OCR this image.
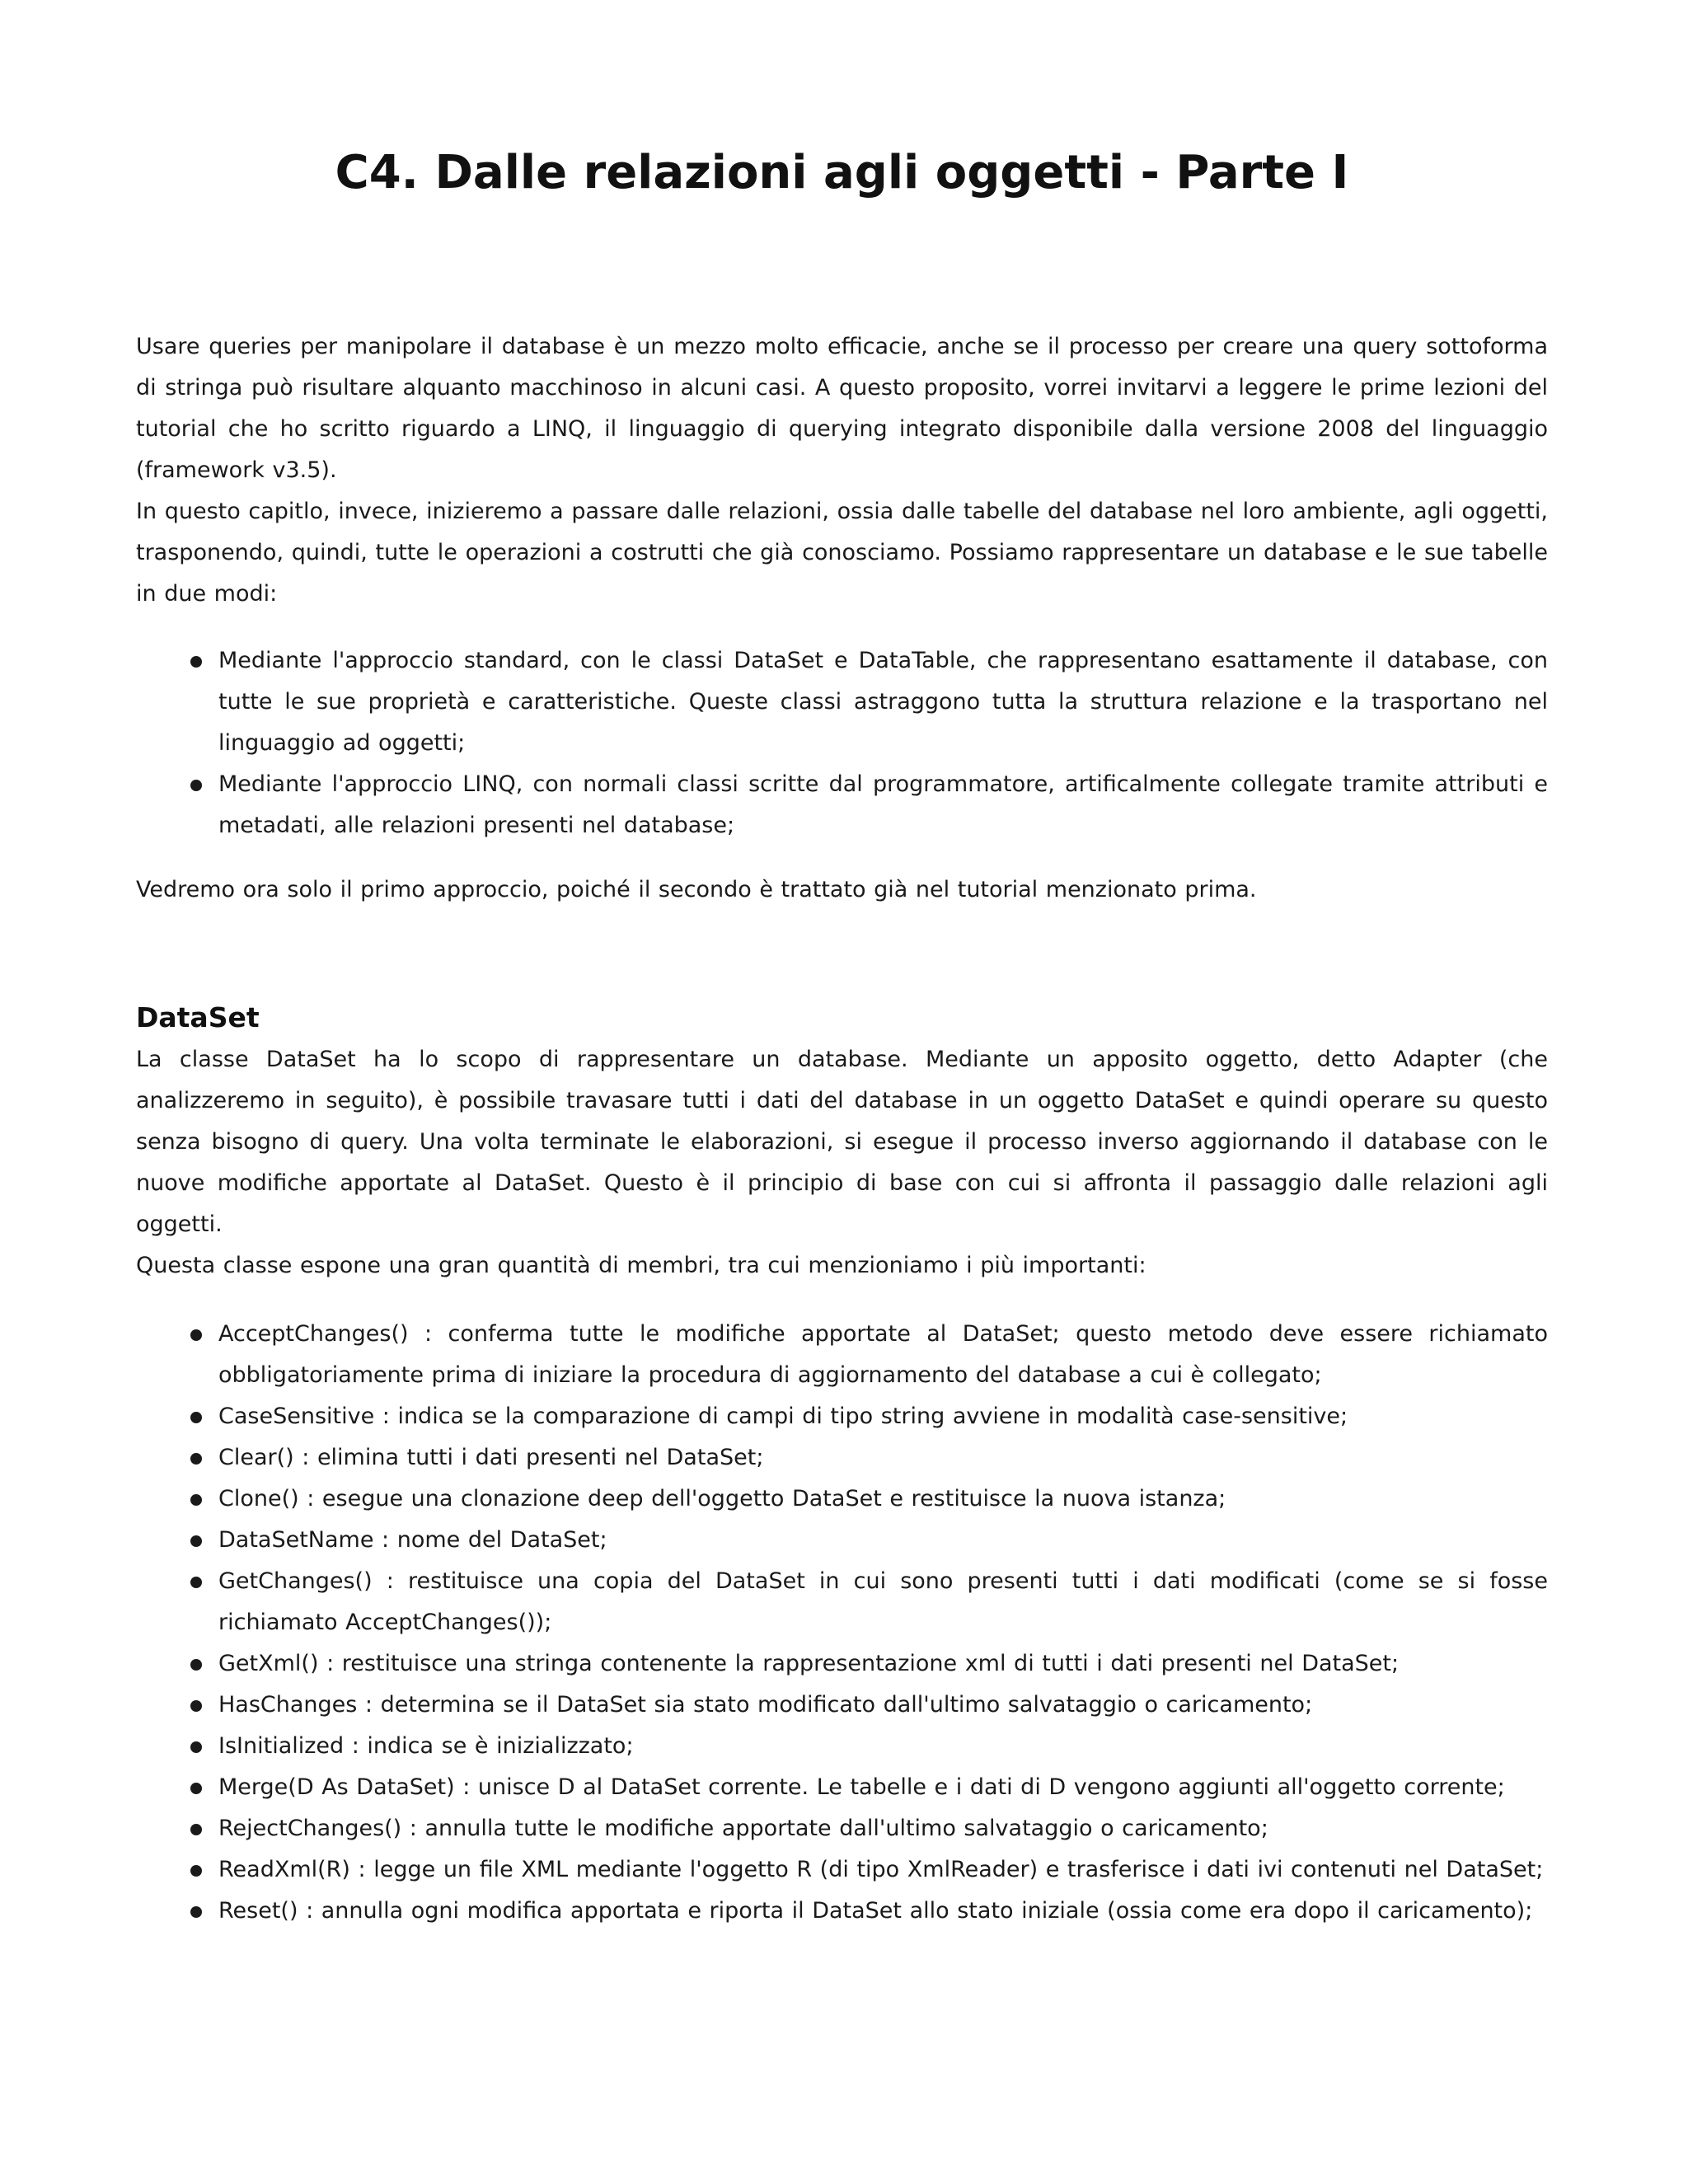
C4. Dalle relazioni agli oggetti - Parte I

Usare queries per manipolare il database è un mezzo molto efficacie, anche se il processo per creare una query sottoforma di stringa può risultare alquanto macchinoso in alcuni casi. A questo proposito, vorrei invitarvi a leggere le prime lezioni del tutorial che ho scritto riguardo a LINQ, il linguaggio di querying integrato disponibile dalla versione 2008 del linguaggio (framework v3.5).

In questo capitlo, invece, inizieremo a passare dalle relazioni, ossia dalle tabelle del database nel loro ambiente, agli oggetti, trasponendo, quindi, tutte le operazioni a costrutti che già conosciamo. Possiamo rappresentare un database e le sue tabelle in due modi:

Mediante l'approccio standard, con le classi DataSet e DataTable, che rappresentano esattamente il database, con tutte le sue proprietà e caratteristiche. Queste classi astraggono tutta la struttura relazione e la trasportano nel linguaggio ad oggetti;

Mediante l'approccio LINQ, con normali classi scritte dal programmatore, artificalmente collegate tramite attributi e metadati, alle relazioni presenti nel database;

Vedremo ora solo il primo approccio, poiché il secondo è trattato già nel tutorial menzionato prima.

DataSet

La classe DataSet ha lo scopo di rappresentare un database. Mediante un apposito oggetto, detto Adapter (che analizzeremo in seguito), è possibile travasare tutti i dati del database in un oggetto DataSet e quindi operare su questo senza bisogno di query. Una volta terminate le elaborazioni, si esegue il processo inverso aggiornando il database con le nuove modifiche apportate al DataSet. Questo è il principio di base con cui si affronta il passaggio dalle relazioni agli oggetti.

Questa classe espone una gran quantità di membri, tra cui menzioniamo i più importanti:

AcceptChanges() : conferma tutte le modifiche apportate al DataSet; questo metodo deve essere richiamato obbligatoriamente prima di iniziare la procedura di aggiornamento del database a cui è collegato;

CaseSensitive : indica se la comparazione di campi di tipo string avviene in modalità case-sensitive;

Clear() : elimina tutti i dati presenti nel DataSet;

Clone() : esegue una clonazione deep dell'oggetto DataSet e restituisce la nuova istanza;

DataSetName : nome del DataSet;

GetChanges() : restituisce una copia del DataSet in cui sono presenti tutti i dati modificati (come se si fosse richiamato AcceptChanges());

GetXml() : restituisce una stringa contenente la rappresentazione xml di tutti i dati presenti nel DataSet;

HasChanges : determina se il DataSet sia stato modificato dall'ultimo salvataggio o caricamento;

IsInitialized : indica se è inizializzato;

Merge(D As DataSet) : unisce D al DataSet corrente. Le tabelle e i dati di D vengono aggiunti all'oggetto corrente;

RejectChanges() : annulla tutte le modifiche apportate dall'ultimo salvataggio o caricamento;

ReadXml(R) : legge un file XML mediante l'oggetto R (di tipo XmlReader) e trasferisce i dati ivi contenuti nel DataSet;

Reset() : annulla ogni modifica apportata e riporta il DataSet allo stato iniziale (ossia come era dopo il caricamento);
